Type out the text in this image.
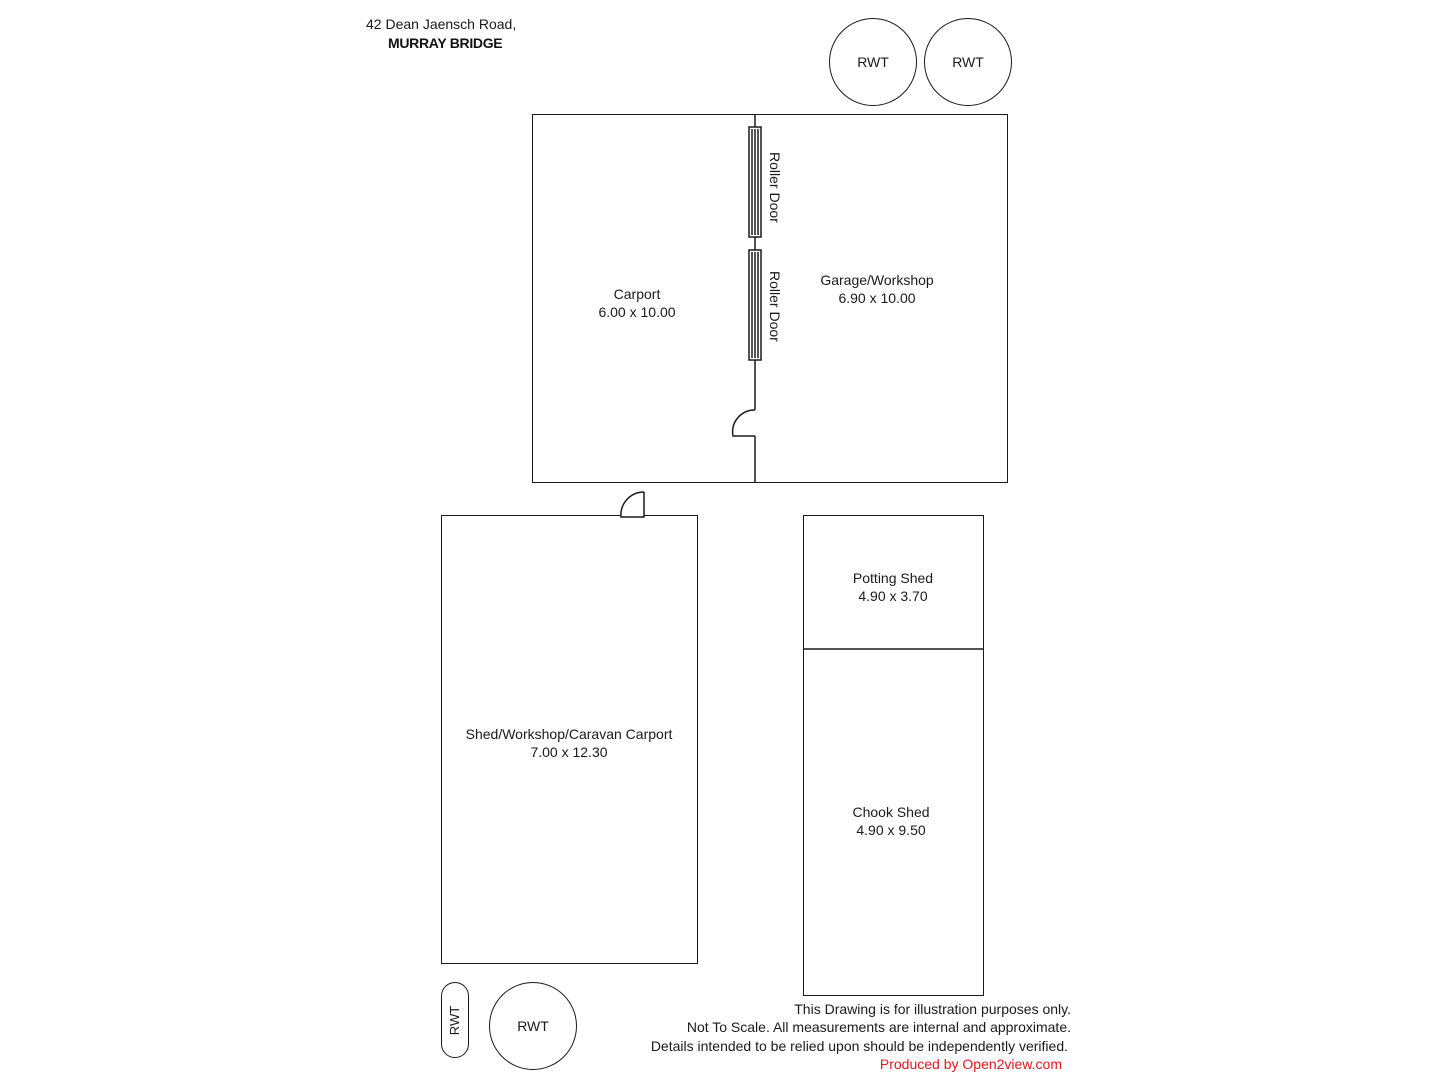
42 Dean Jaensch Road,
MURRAY BRIDGE
RWT	RWT
Roller Door
Roller Door
Carport
6.00 x 10.00
Garage/Workshop
6.90 x 10.00
Shed/Workshop/Caravan Carport
7.00 x 12.30
Potting Shed
4.90 x 3.70
Chook Shed
4.90 x 9.50
RWT	RWT
This Drawing is for illustration purposes only.
Not To Scale. All measurements are internal and approximate.
Details intended to be relied upon should be independently verified.
Produced by Open2view.com
